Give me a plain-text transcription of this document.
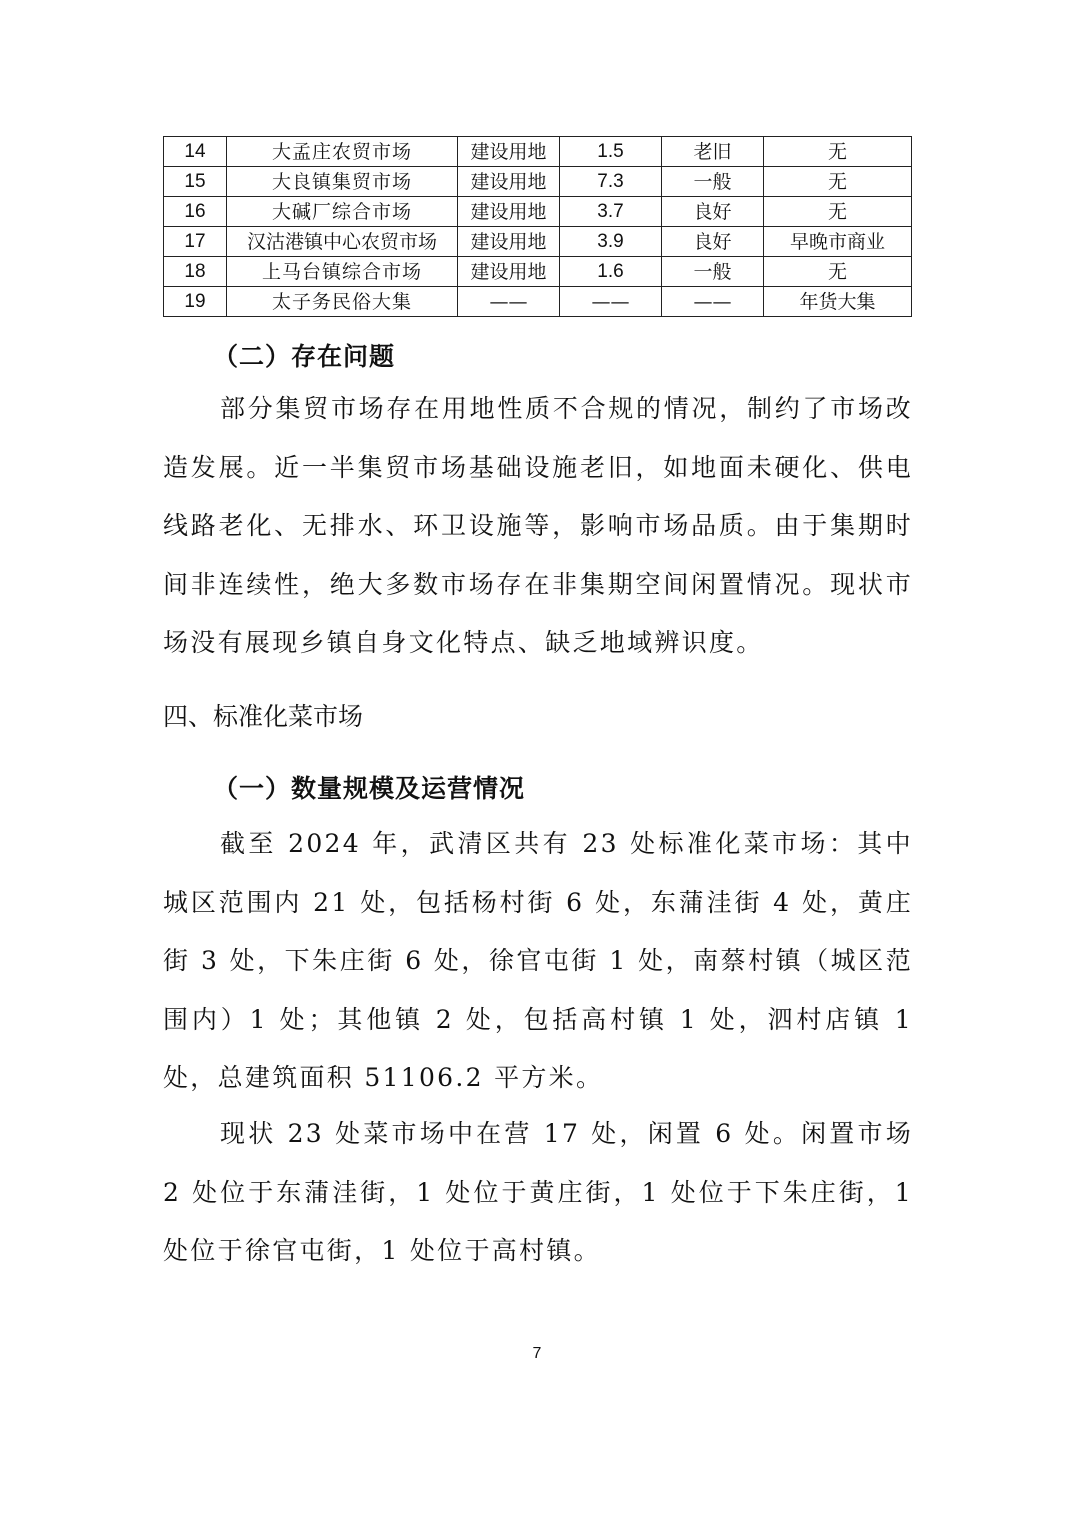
14	大孟庄农贸市场	建设用地	1.5	老旧	无
15	大良镇集贸市场	建设用地	7.3	一般	无
16	大碱厂综合市场	建设用地	3.7	良好	无
17	汉沽港镇中心农贸市场	建设用地	3.9	良好	早晚市商业
18	上马台镇综合市场	建设用地	1.6	一般	无
19	太子务民俗大集	——	——	——	年货大集
（二）存在问题

部分集贸市场存在用地性质不合规的情况，制约了市场改造发展。近一半集贸市场基础设施老旧，如地面未硬化、供电线路老化、无排水、环卫设施等，影响市场品质。由于集期时间非连续性，绝大多数市场存在非集期空间闲置情况。现状市场没有展现乡镇自身文化特点、缺乏地域辨识度。

四、标准化菜市场
（一）数量规模及运营情况

截至 2024 年，武清区共有 23 处标准化菜市场：其中城区范围内 21 处，包括杨村街 6 处，东蒲洼街 4 处，黄庄街 3 处，下朱庄街 6 处，徐官屯街 1 处，南蔡村镇（城区范围内）1 处；其他镇 2 处，包括高村镇 1 处，泗村店镇 1 处，总建筑面积 51106.2 平方米。

现状 23 处菜市场中在营 17 处，闲置 6 处。闲置市场 2 处位于东蒲洼街，1 处位于黄庄街，1 处位于下朱庄街，1 处位于徐官屯街，1 处位于高村镇。

7
